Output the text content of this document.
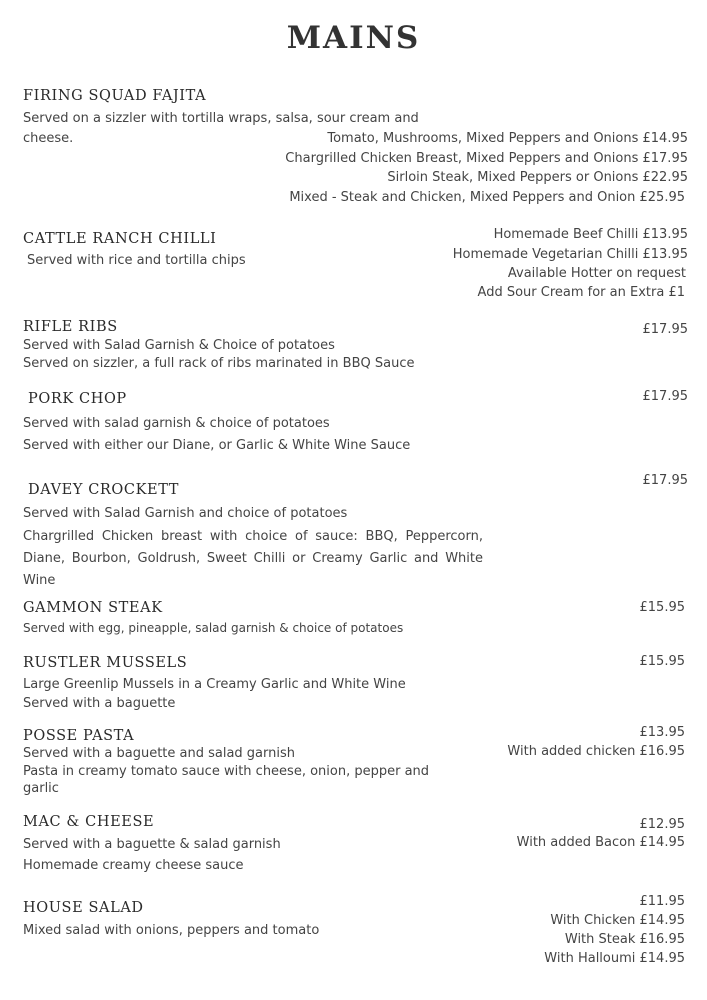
MAINS
FIRING SQUAD FAJITA
Served on a sizzler with tortilla wraps, salsa, sour cream and cheese.	Tomato, Mushrooms, Mixed Peppers and Onions £14.95
Chargrilled Chicken Breast, Mixed Peppers and Onions £17.95
Sirloin Steak, Mixed Peppers or Onions £22.95
Mixed - Steak and Chicken, Mixed Peppers and Onion £25.95
CATTLE RANCH CHILLI
Served with rice and tortilla chips
Homemade Beef Chilli £13.95
Homemade Vegetarian Chilli £13.95
Available Hotter on request
Add Sour Cream for an Extra £1
RIFLE RIBS
Served with Salad Garnish & Choice of potatoes
Served on sizzler, a full rack of ribs marinated in BBQ Sauce
£17.95
PORK CHOP
Served with salad garnish & choice of potatoes
Served with either our Diane, or Garlic & White Wine Sauce
£17.95
DAVEY CROCKETT
Served with Salad Garnish and choice of potatoes
Chargrilled Chicken breast with choice of sauce: BBQ, Peppercorn, Diane, Bourbon, Goldrush, Sweet Chilli or Creamy Garlic and White Wine
£17.95
GAMMON STEAK
Served with egg, pineapple, salad garnish & choice of potatoes
£15.95
RUSTLER MUSSELS
Large Greenlip Mussels in a Creamy Garlic and White Wine
Served with a baguette
£15.95
POSSE PASTA
Served with a baguette and salad garnish
Pasta in creamy tomato sauce with cheese, onion, pepper and garlic
£13.95
With added chicken £16.95
MAC & CHEESE
Served with a baguette & salad garnish
Homemade creamy cheese sauce
£12.95
With added Bacon £14.95
HOUSE SALAD
Mixed salad with onions, peppers and tomato
£11.95
With Chicken £14.95
With Steak £16.95
With Halloumi £14.95
